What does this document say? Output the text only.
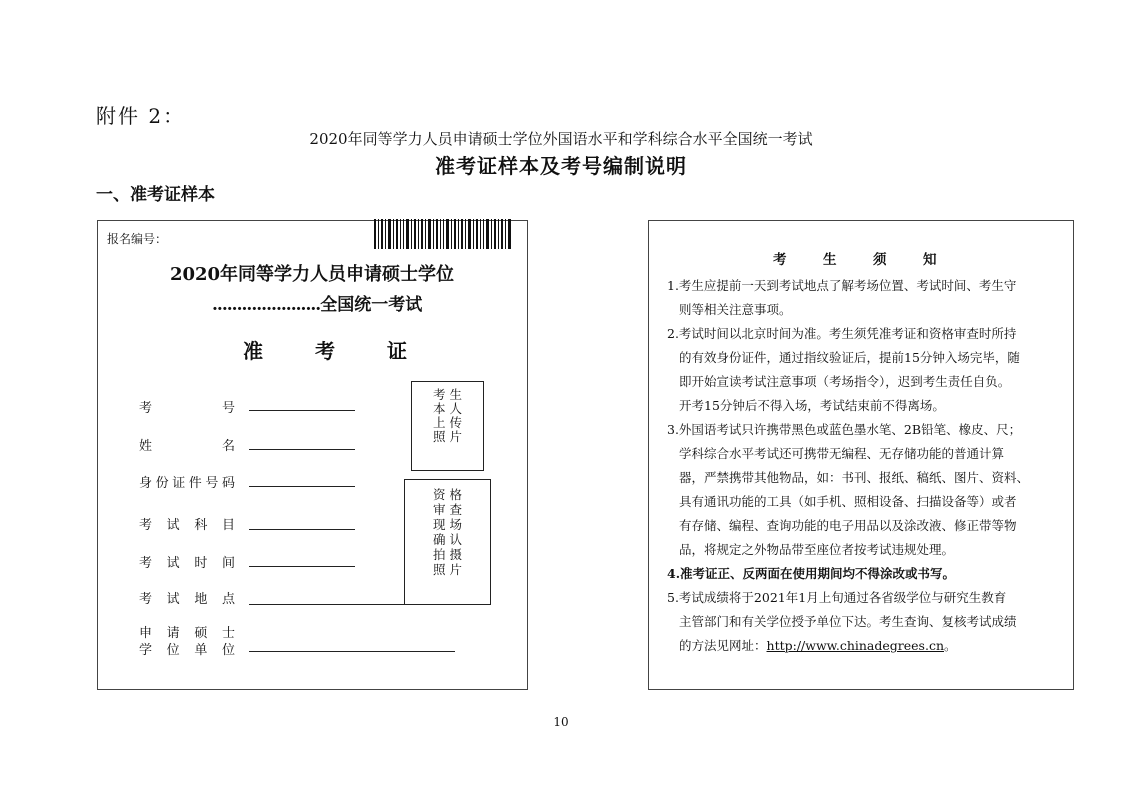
附件 2：
2020年同等学力人员申请硕士学位外国语水平和学科综合水平全国统一考试
准考证样本及考号编制说明
一、准考证样本
报名编号：
2020年同等学力人员申请硕士学位
......................全国统一考试
准	考	证
考	号
姓	名
身 份 证 件 号 码
考 试 科 目
考 试 时 间
考 试 地 点
申 请 硕 士
学 位 单 位
考 生
本 人
上 传
照 片
资 格
审 查
现 场
确 认
拍 摄
照 片
考	生	须	知
1.考生应提前一天到考试地点了解考场位置、考试时间、考生守
则等相关注意事项。
2.考试时间以北京时间为准。考生须凭准考证和资格审查时所持
的有效身份证件，通过指纹验证后，提前15分钟入场完毕，随
即开始宣读考试注意事项（考场指令），迟到考生责任自负。
开考15分钟后不得入场，考试结束前不得离场。
3.外国语考试只许携带黑色或蓝色墨水笔、2B铅笔、橡皮、尺；
学科综合水平考试还可携带无编程、无存储功能的普通计算
器，严禁携带其他物品，如：书刊、报纸、稿纸、图片、资料、
具有通讯功能的工具（如手机、照相设备、扫描设备等）或者
有存储、编程、查询功能的电子用品以及涂改液、修正带等物
品，将规定之外物品带至座位者按考试违规处理。
4.准考证正、反两面在使用期间均不得涂改或书写。
5.考试成绩将于2021年1月上旬通过各省级学位与研究生教育
主管部门和有关学位授予单位下达。考生查询、复核考试成绩
的方法见网址：http://www.chinadegrees.cn。
10
